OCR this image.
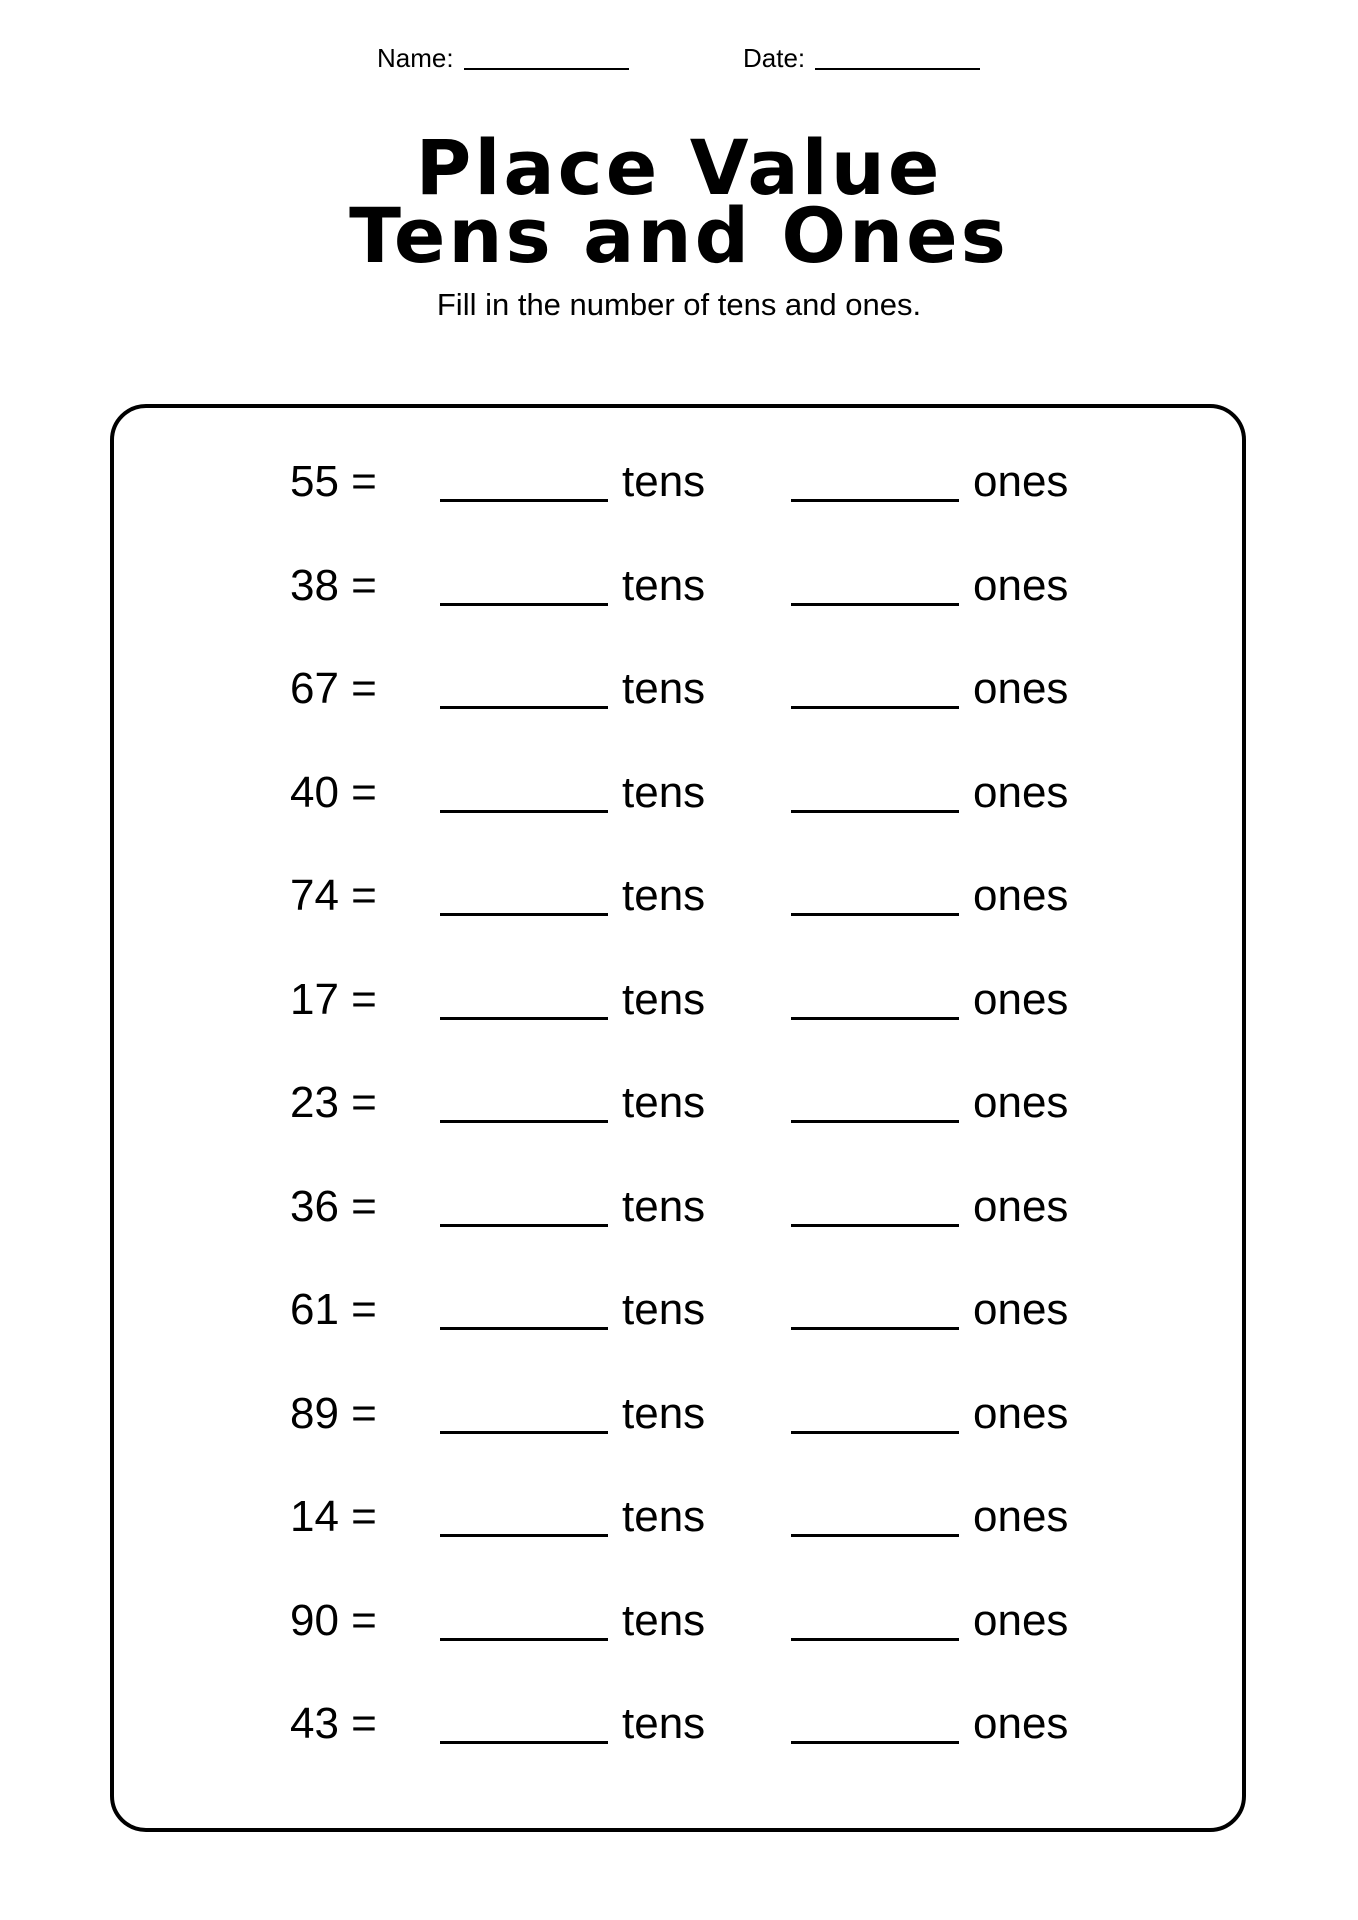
Name:	Date:
Place Value
Tens and Ones

Fill in the number of tens and ones.

55 =	tens	ones
38 =	tens	ones
67 =	tens	ones
40 =	tens	ones
74 =	tens	ones
17 =	tens	ones
23 =	tens	ones
36 =	tens	ones
61 =	tens	ones
89 =	tens	ones
14 =	tens	ones
90 =	tens	ones
43 =	tens	ones
